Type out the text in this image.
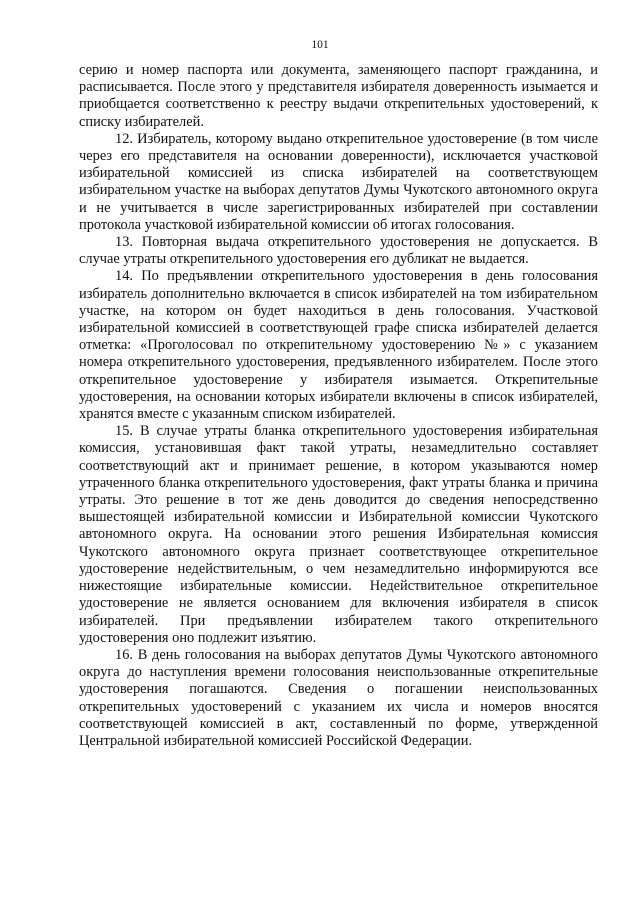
101

серию и номер паспорта или документа, заменяющего паспорт гражданина, и расписывается. После этого у представителя избирателя доверенность изымается и приобщается соответственно к реестру выдачи открепительных удостоверений, к списку избирателей.

12. Избиратель, которому выдано открепительное удостоверение (в том числе через его представителя на основании доверенности), исключается участковой избирательной комиссией из списка избирателей на соответствующем избирательном участке на выборах депутатов Думы Чукотского автономного округа и не учитывается в числе зарегистрированных избирателей при составлении протокола участковой избирательной комиссии об итогах голосования.

13. Повторная выдача открепительного удостоверения не допускается. В случае утраты открепительного удостоверения его дубликат не выдается.

14. По предъявлении открепительного удостоверения в день голосования избиратель дополнительно включается в список избирателей на том избирательном участке, на котором он будет находиться в день голосования. Участковой избирательной комиссией в соответствующей графе списка избирателей делается отметка: «Проголосовал по открепительному удостоверению №» с указанием номера открепительного удостоверения, предъявленного избирателем. После этого открепительное удостоверение у избирателя изымается. Открепительные удостоверения, на основании которых избиратели включены в список избирателей, хранятся вместе с указанным списком избирателей.

15. В случае утраты бланка открепительного удостоверения избирательная комиссия, установившая факт такой утраты, незамедлительно составляет соответствующий акт и принимает решение, в котором указываются номер утраченного бланка открепительного удостоверения, факт утраты бланка и причина утраты. Это решение в тот же день доводится до сведения непосредственно вышестоящей избирательной комиссии и Избирательной комиссии Чукотского автономного округа. На основании этого решения Избирательная комиссия Чукотского автономного округа признает соответствующее открепительное удостоверение недействительным, о чем незамедлительно информируются все нижестоящие избирательные комиссии. Недействительное открепительное удостоверение не является основанием для включения избирателя в список избирателей. При предъявлении избирателем такого открепительного удостоверения оно подлежит изъятию.

16. В день голосования на выборах депутатов Думы Чукотского автономного округа до наступления времени голосования неиспользованные открепительные удостоверения погашаются. Сведения о погашении неиспользованных открепительных удостоверений с указанием их числа и номеров вносятся соответствующей комиссией в акт, составленный по форме, утвержденной Центральной избирательной комиссией Российской Федерации.
